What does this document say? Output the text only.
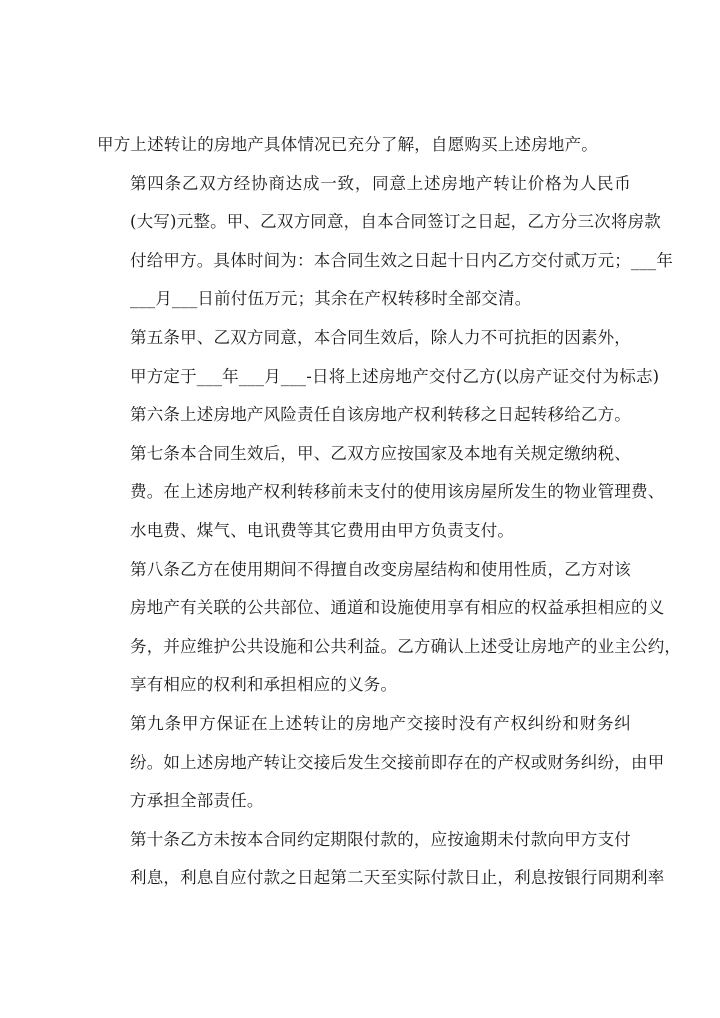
甲方上述转让的房地产具体情况已充分了解，自愿购买上述房地产。
第四条乙双方经协商达成一致，同意上述房地产转让价格为人民币
(大写)元整。甲、乙双方同意，自本合同签订之日起，乙方分三次将房款
付给甲方。具体时间为：本合同生效之日起十日内乙方交付贰万元；___年
___月___日前付伍万元；其余在产权转移时全部交清。
第五条甲、乙双方同意，本合同生效后，除人力不可抗拒的因素外，
甲方定于___年___月___-日将上述房地产交付乙方(以房产证交付为标志)
第六条上述房地产风险责任自该房地产权利转移之日起转移给乙方。
第七条本合同生效后，甲、乙双方应按国家及本地有关规定缴纳税、
费。在上述房地产权利转移前未支付的使用该房屋所发生的物业管理费、
水电费、煤气、电讯费等其它费用由甲方负责支付。
第八条乙方在使用期间不得擅自改变房屋结构和使用性质，乙方对该
房地产有关联的公共部位、通道和设施使用享有相应的权益承担相应的义
务，并应维护公共设施和公共利益。乙方确认上述受让房地产的业主公约，
享有相应的权利和承担相应的义务。
第九条甲方保证在上述转让的房地产交接时没有产权纠纷和财务纠
纷。如上述房地产转让交接后发生交接前即存在的产权或财务纠纷，由甲
方承担全部责任。
第十条乙方未按本合同约定期限付款的，应按逾期未付款向甲方支付
利息，利息自应付款之日起第二天至实际付款日止，利息按银行同期利率
